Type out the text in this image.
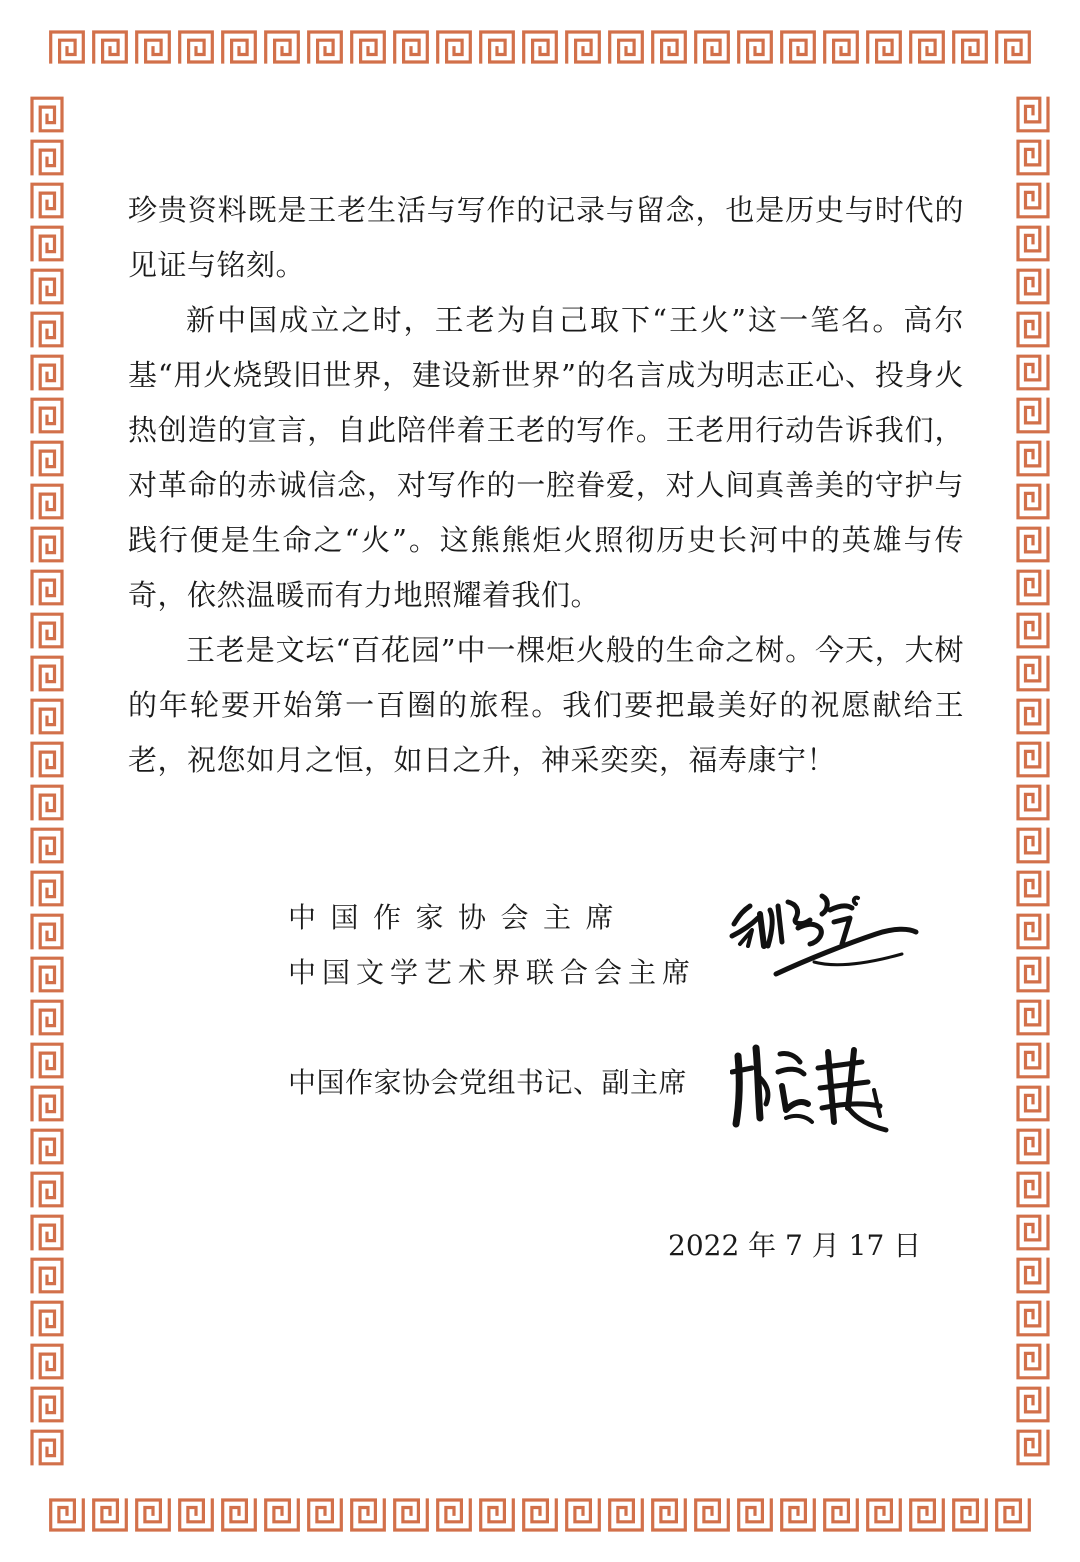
珍贵资料既是王老生活与写作的记录与留念，也是历史与时代的见证与铭刻。

新中国成立之时，王老为自己取下“王火”这一笔名。高尔基“用火烧毁旧世界，建设新世界”的名言成为明志正心、投身火热创造的宣言，自此陪伴着王老的写作。王老用行动告诉我们，对革命的赤诚信念，对写作的一腔眷爱，对人间真善美的守护与践行便是生命之“火”。这熊熊炬火照彻历史长河中的英雄与传奇，依然温暖而有力地照耀着我们。

王老是文坛“百花园”中一棵炬火般的生命之树。今天，大树的年轮要开始第一百圈的旅程。我们要把最美好的祝愿献给王老，祝您如月之恒，如日之升，神采奕奕，福寿康宁！

中国作家协会主席
中国文学艺术界联合会主席
中国作家协会党组书记、副主席
2022 年 7 月 17 日
